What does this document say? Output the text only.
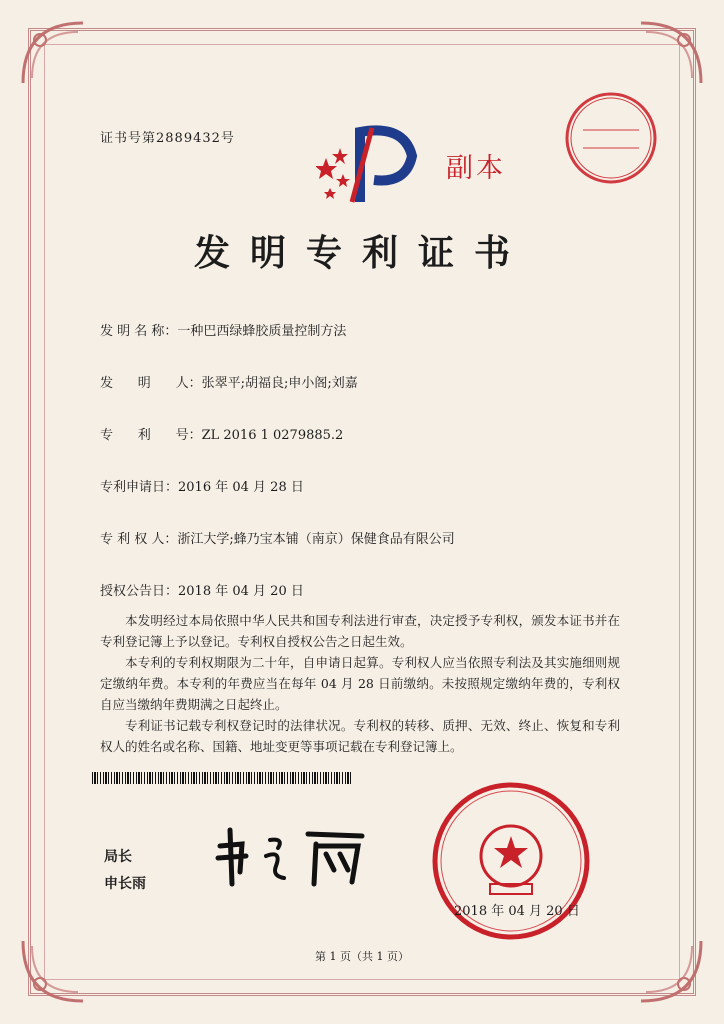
证书号第2889432号
副本
发明专利证书
发 明 名 称：一种巴西绿蜂胶质量控制方法
发      明      人：张翠平;胡福良;申小阁;刘嘉
专      利      号：ZL 2016 1 0279885.2
专利申请日：2016 年 04 月 28 日
专 利 权 人：浙江大学;蜂乃宝本铺（南京）保健食品有限公司
授权公告日：2018 年 04 月 20 日

本发明经过本局依照中华人民共和国专利法进行审查，决定授予专利权，颁发本证书并在专利登记簿上予以登记。专利权自授权公告之日起生效。

本专利的专利权期限为二十年，自申请日起算。专利权人应当依照专利法及其实施细则规定缴纳年费。本专利的年费应当在每年 04 月 28 日前缴纳。未按照规定缴纳年费的，专利权自应当缴纳年费期满之日起终止。

专利证书记载专利权登记时的法律状况。专利权的转移、质押、无效、终止、恢复和专利权人的姓名或名称、国籍、地址变更等事项记载在专利登记簿上。

局长
申长雨
2018 年 04 月 20 日
第 1 页（共 1 页）
